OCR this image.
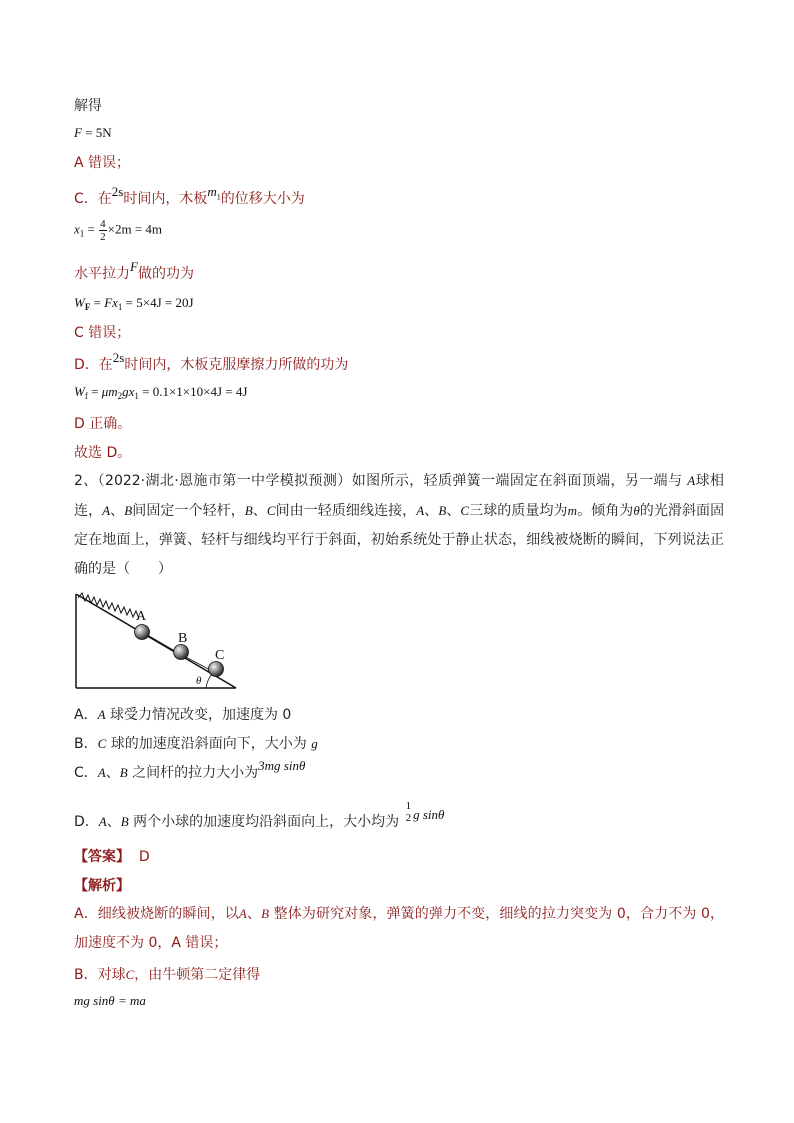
解得
F = 5N
A 错误；
C．在2s时间内，木板$m_1$的位移大小为
$x_1 = \frac{4}{2} \times 2m = 4m$
水平拉力F做的功为
$W_F = Fx_1 = 5\times 4J = 20J$
C 错误；
D．在2s时间内，木板克服摩擦力所做的功为
$W_f = \mu m_2gx_1 = 0.1\times 1\times 10\times 4J = 4J$
D 正确。
故选 D。
2、（2022·湖北·恩施市第一中学模拟预测）如图所示，轻质弹簧一端固定在斜面顶端，另一端与 A球相连，A、B间固定一个轻杆，B、C间由一轻质细线连接，A、B、C三球的质量均为m。倾角为θ的光滑斜面固定在地面上，弹簧、轻杆与细线均平行于斜面，初始系统处于静止状态，细线被烧断的瞬间，下列说法正确的是（　　）
A
B
C
θ
A．A 球受力情况改变，加速度为 0
B．C 球的加速度沿斜面向下，大小为 g
C．A、B 之间杆的拉力大小为3mg sinθ
D．A、B 两个小球的加速度均沿斜面向上，大小均为
1
2 g sinθ
【答案】 D
【解析】
A．细线被烧断的瞬间，以A、B 整体为研究对象，弹簧的弹力不变，细线的拉力突变为 0，合力不为 0，加速度不为 0，A 错误；
B．对球C，由牛顿第二定律得
mg sinθ = ma
